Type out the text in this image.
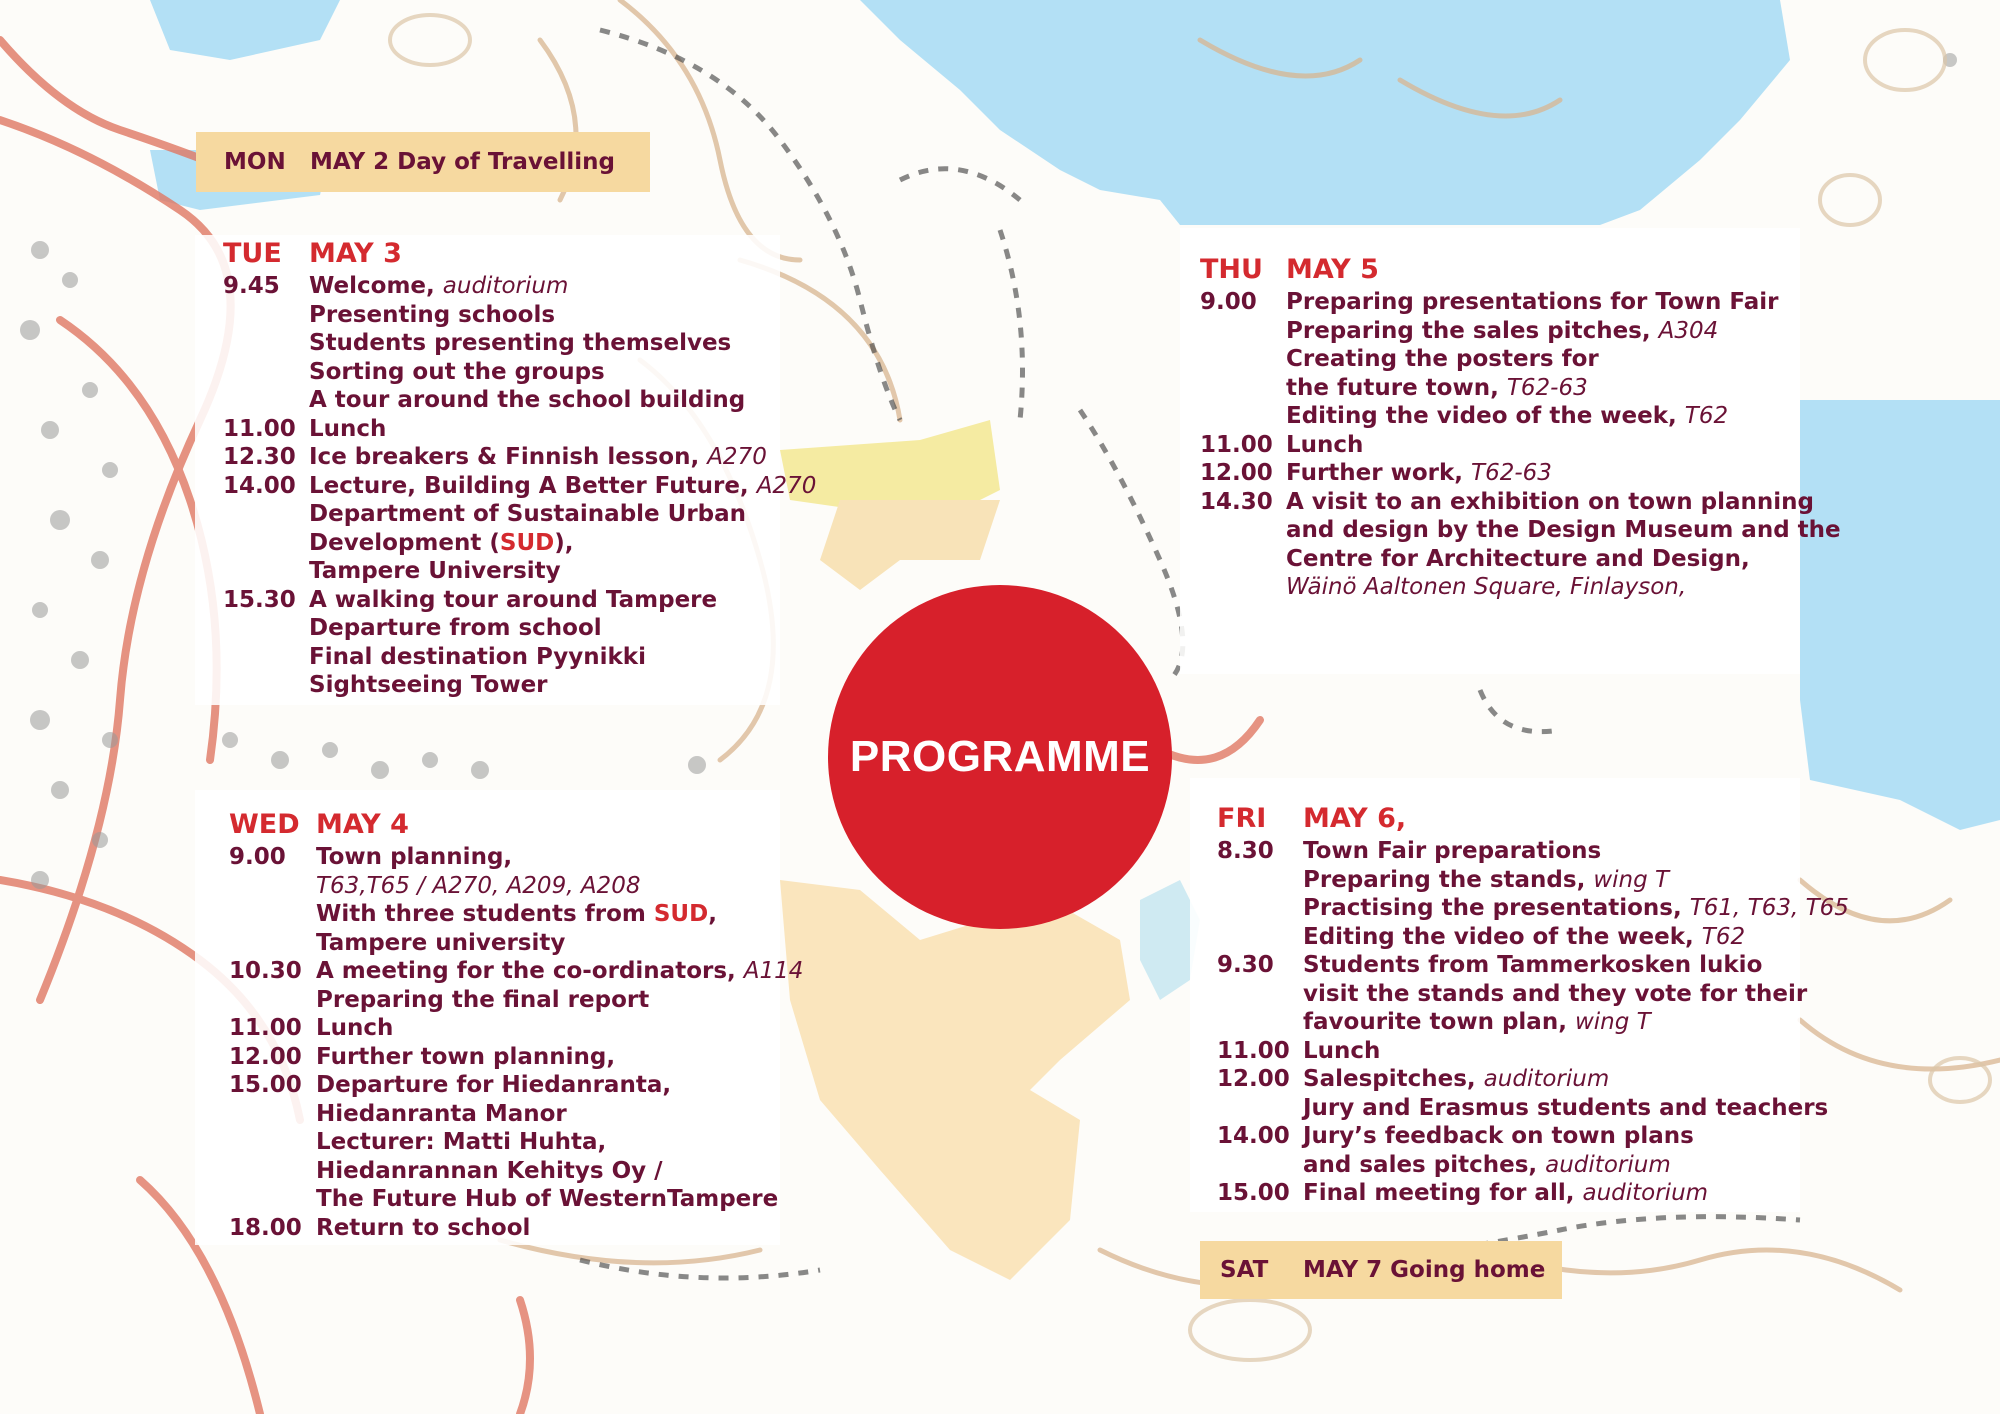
MON MAY 2 Day of Travelling
SAT MAY 7 Going home
TUE MAY 3
9.45 Welcome, auditorium
Presenting schools
Students presenting themselves
Sorting out the groups
A tour around the school building
11.00 Lunch
12.30 Ice breakers & Finnish lesson, A270
14.00 Lecture, Building A Better Future, A270
Department of Sustainable Urban
Development (SUD),
Tampere University
15.30 A walking tour around Tampere
Departure from school
Final destination Pyynikki
Sightseeing Tower
WED MAY 4
9.00 Town planning,
T63,T65 / A270, A209, A208
With three students from SUD,
Tampere university
10.30 A meeting for the co-ordinators, A114
Preparing the final report
11.00 Lunch
12.00 Further town planning,
15.00 Departure for Hiedanranta,
Hiedanranta Manor
Lecturer: Matti Huhta,
Hiedanrannan Kehitys Oy /
The Future Hub of WesternTampere
18.00 Return to school
THU MAY 5
9.00 Preparing presentations for Town Fair
Preparing the sales pitches, A304
Creating the posters for
the future town, T62-63
Editing the video of the week, T62
11.00 Lunch
12.00 Further work, T62-63
14.30 A visit to an exhibition on town planning
and design by the Design Museum and the
Centre for Architecture and Design,
Wäinö Aaltonen Square, Finlayson,
FRI MAY 6,
8.30 Town Fair preparations
Preparing the stands, wing T
Practising the presentations, T61, T63, T65
Editing the video of the week, T62
9.30 Students from Tammerkosken lukio
visit the stands and they vote for their
favourite town plan, wing T
11.00 Lunch
12.00 Salespitches, auditorium
Jury and Erasmus students and teachers
14.00 Jury’s feedback on town plans
and sales pitches, auditorium
15.00 Final meeting for all, auditorium
PROGRAMME
